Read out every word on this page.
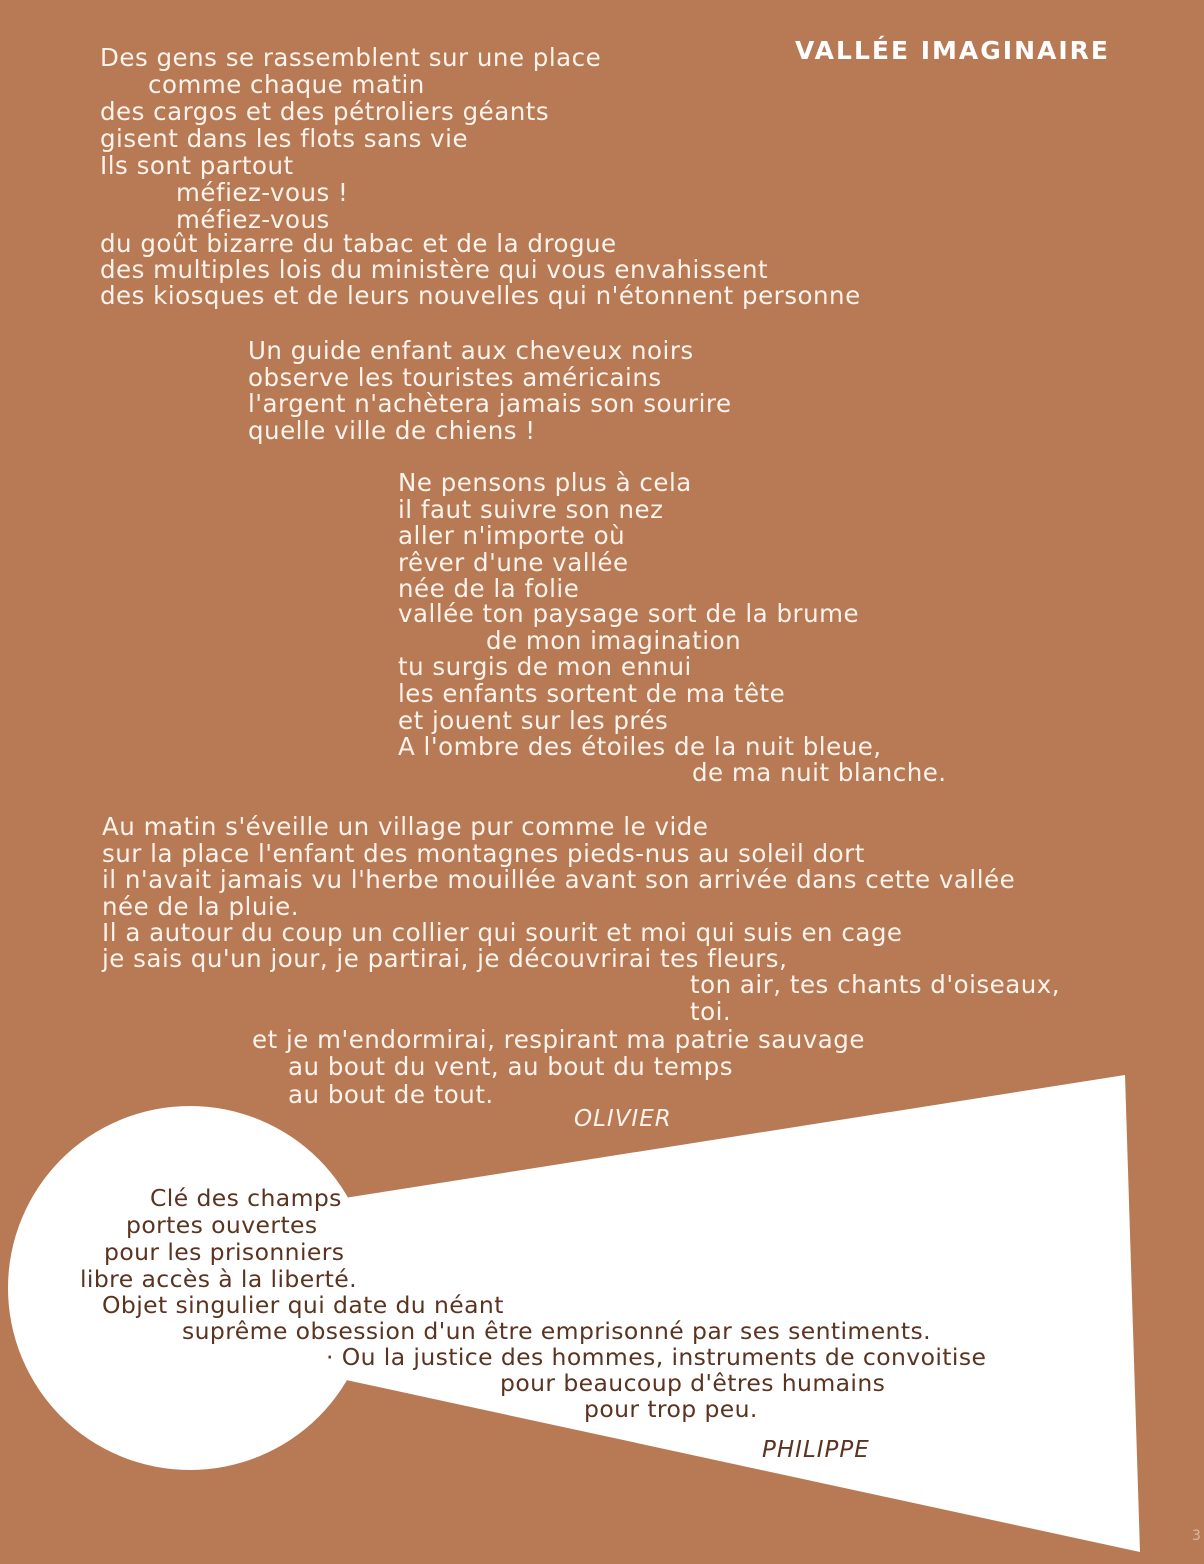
VALLÉE IMAGINAIRE
Des gens se rassemblent sur une place
comme chaque matin
des cargos et des pétroliers géants
gisent dans les flots sans vie
Ils sont partout
méfiez-vous !
méfiez-vous
du goût bizarre du tabac et de la drogue
des multiples lois du ministère qui vous envahissent
des kiosques et de leurs nouvelles qui n'étonnent personne
Un guide enfant aux cheveux noirs
observe les touristes américains
l'argent n'achètera jamais son sourire
quelle ville de chiens !
Ne pensons plus à cela
il faut suivre son nez
aller n'importe où
rêver d'une vallée
née de la folie
vallée ton paysage sort de la brume
de mon imagination
tu surgis de mon ennui
les enfants sortent de ma tête
et jouent sur les prés
A l'ombre des étoiles de la nuit bleue,
de ma nuit blanche.
Au matin s'éveille un village pur comme le vide
sur la place l'enfant des montagnes pieds-nus au soleil dort
il n'avait jamais vu l'herbe mouillée avant son arrivée dans cette vallée
née de la pluie.
Il a autour du coup un collier qui sourit et moi qui suis en cage
je sais qu'un jour, je partirai, je découvrirai tes fleurs,
ton air, tes chants d'oiseaux,
toi.
et je m'endormirai, respirant ma patrie sauvage
au bout du vent, au bout du temps
au bout de tout.
OLIVIER
Clé des champs
portes ouvertes
pour les prisonniers
libre accès à la liberté.
Objet singulier qui date du néant
suprême obsession d'un être emprisonné par ses sentiments.
· Ou la justice des hommes, instruments de convoitise
pour beaucoup d'êtres humains
pour trop peu.
PHILIPPE
3
